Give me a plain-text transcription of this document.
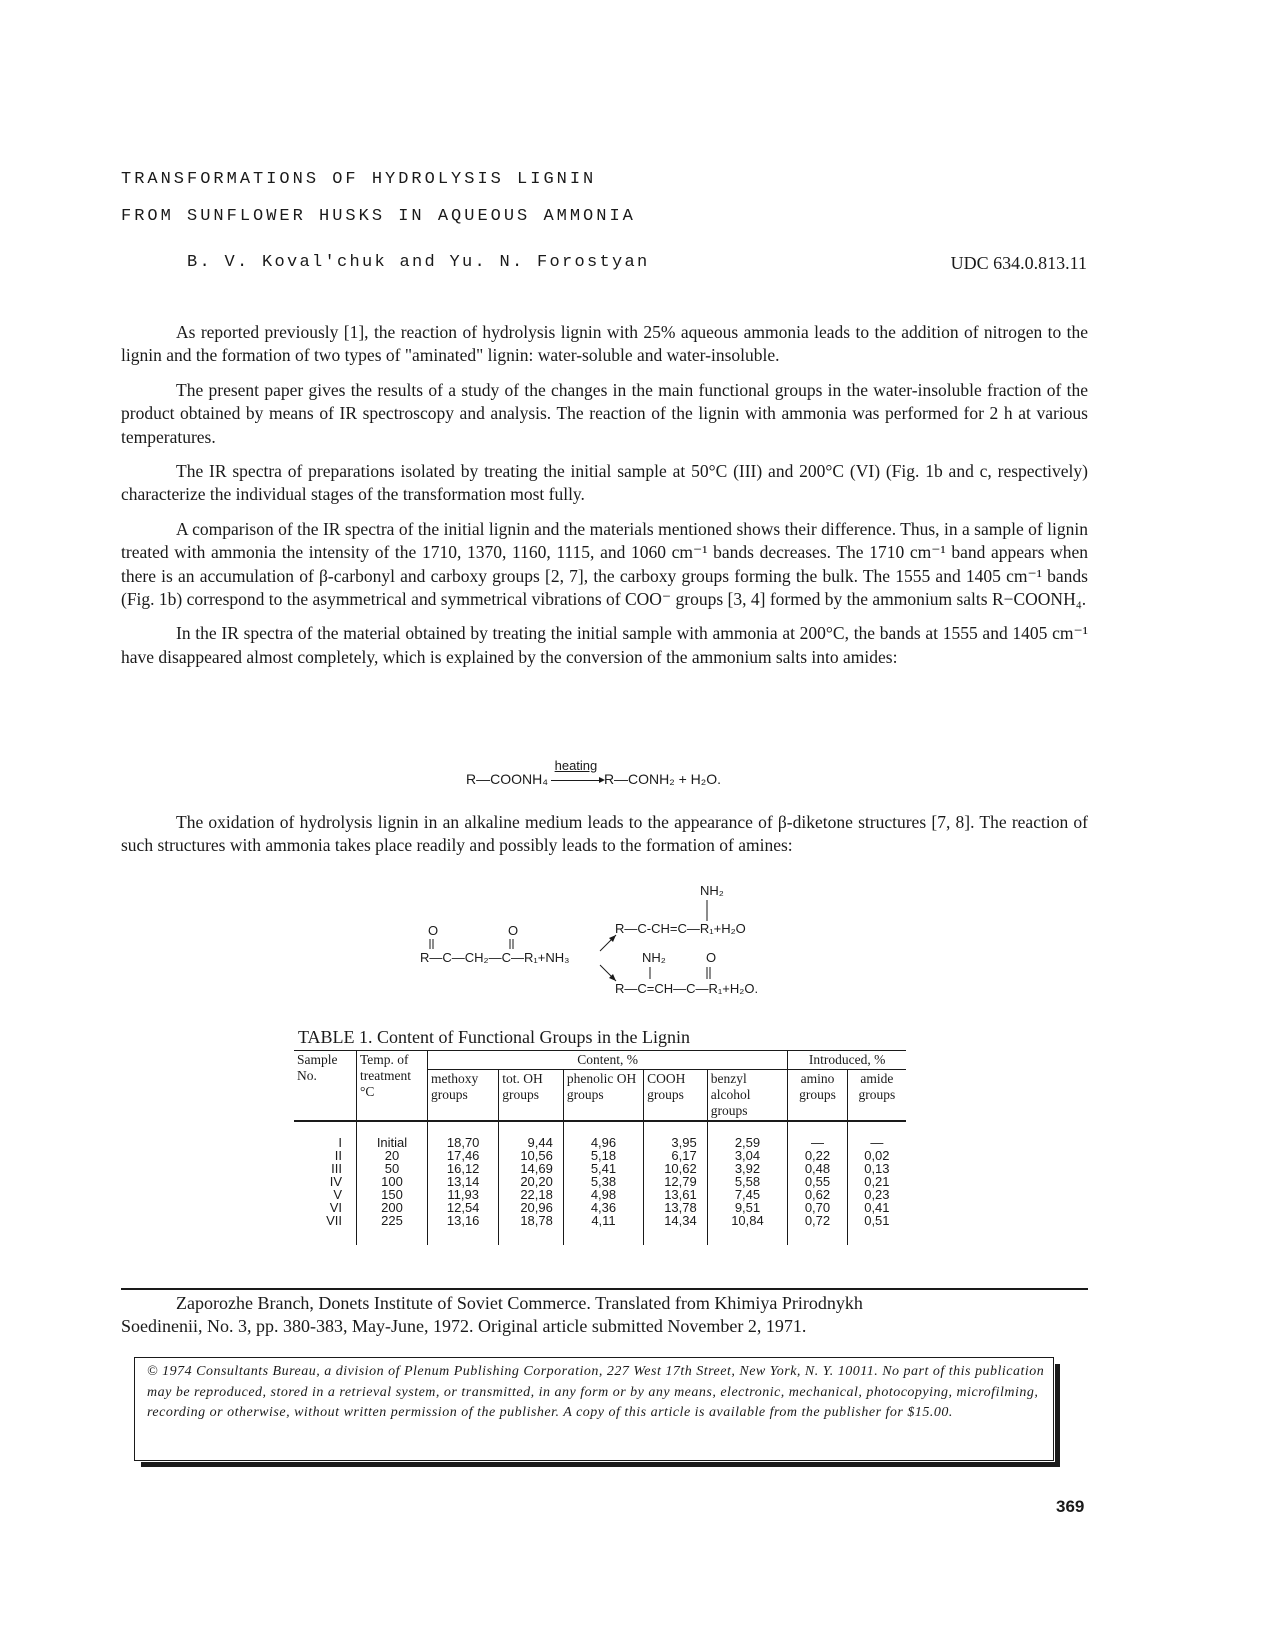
TRANSFORMATIONS OF HYDROLYSIS LIGNIN
FROM SUNFLOWER HUSKS IN AQUEOUS AMMONIA
B. V. Koval'chuk and Yu. N. Forostyan	UDC 634.0.813.11

As reported previously [1], the reaction of hydrolysis lignin with 25% aqueous ammonia leads to the addition of nitrogen to the lignin and the formation of two types of "aminated" lignin: water-soluble and water-insoluble.

The present paper gives the results of a study of the changes in the main functional groups in the water-insoluble fraction of the product obtained by means of IR spectroscopy and analysis. The reaction of the lignin with ammonia was performed for 2 h at various temperatures.

The IR spectra of preparations isolated by treating the initial sample at 50°C (III) and 200°C (VI) (Fig. 1b and c, respectively) characterize the individual stages of the transformation most fully.

A comparison of the IR spectra of the initial lignin and the materials mentioned shows their difference. Thus, in a sample of lignin treated with ammonia the intensity of the 1710, 1370, 1160, 1115, and 1060 cm⁻¹ bands decreases. The 1710 cm⁻¹ band appears when there is an accumulation of β-carbonyl and carboxy groups [2, 7], the carboxy groups forming the bulk. The 1555 and 1405 cm⁻¹ bands (Fig. 1b) correspond to the asymmetrical and symmetrical vibrations of COO⁻ groups [3, 4] formed by the ammonium salts R−COONH₄.

In the IR spectra of the material obtained by treating the initial sample with ammonia at 200°C, the bands at 1555 and 1405 cm⁻¹ have disappeared almost completely, which is explained by the conversion of the ammonium salts into amides:

R—COONH₄
heating
R—CONH₂ + H₂O.

The oxidation of hydrolysis lignin in an alkaline medium leads to the appearance of β-diketone structures [7, 8]. The reaction of such structures with ammonia takes place readily and possibly leads to the formation of amines:

O	O
R—C—CH₂—C—R₁+NH₃
NH₂
R—C‑CH=C—R₁+H₂O
NH₂	O
R—C=CH—C—R₁+H₂O.
TABLE 1. Content of Functional Groups in the Lignin
Sample No.	Temp. of treatment °C	Content, %					Introduced, %	
		methoxy groups	tot. OH groups	phenolic OH groups	COOH groups	benzyl alcohol groups	amino groups	amide groups
I	Initial	18,70	9,44	4,96	3,95	2,59	—	—
II	20	17,46	10,56	5,18	6,17	3,04	0,22	0,02
III	50	16,12	14,69	5,41	10,62	3,92	0,48	0,13
IV	100	13,14	20,20	5,38	12,79	5,58	0,55	0,21
V	150	11,93	22,18	4,98	13,61	7,45	0,62	0,23
VI	200	12,54	20,96	4,36	13,78	9,51	0,70	0,41
VII	225	13,16	18,78	4,11	14,34	10,84	0,72	0,51

Zaporozhe Branch, Donets Institute of Soviet Commerce. Translated from Khimiya Prirodnykh
Soedinenii, No. 3, pp. 380-383, May-June, 1972. Original article submitted November 2, 1971.
© 1974 Consultants Bureau, a division of Plenum Publishing Corporation, 227 West 17th Street, New York, N. Y. 10011. No part of this publication may be reproduced, stored in a retrieval system, or transmitted, in any form or by any means, electronic, mechanical, photocopying, microfilming, recording or otherwise, without written permission of the publisher. A copy of this article is available from the publisher for $15.00.
369
